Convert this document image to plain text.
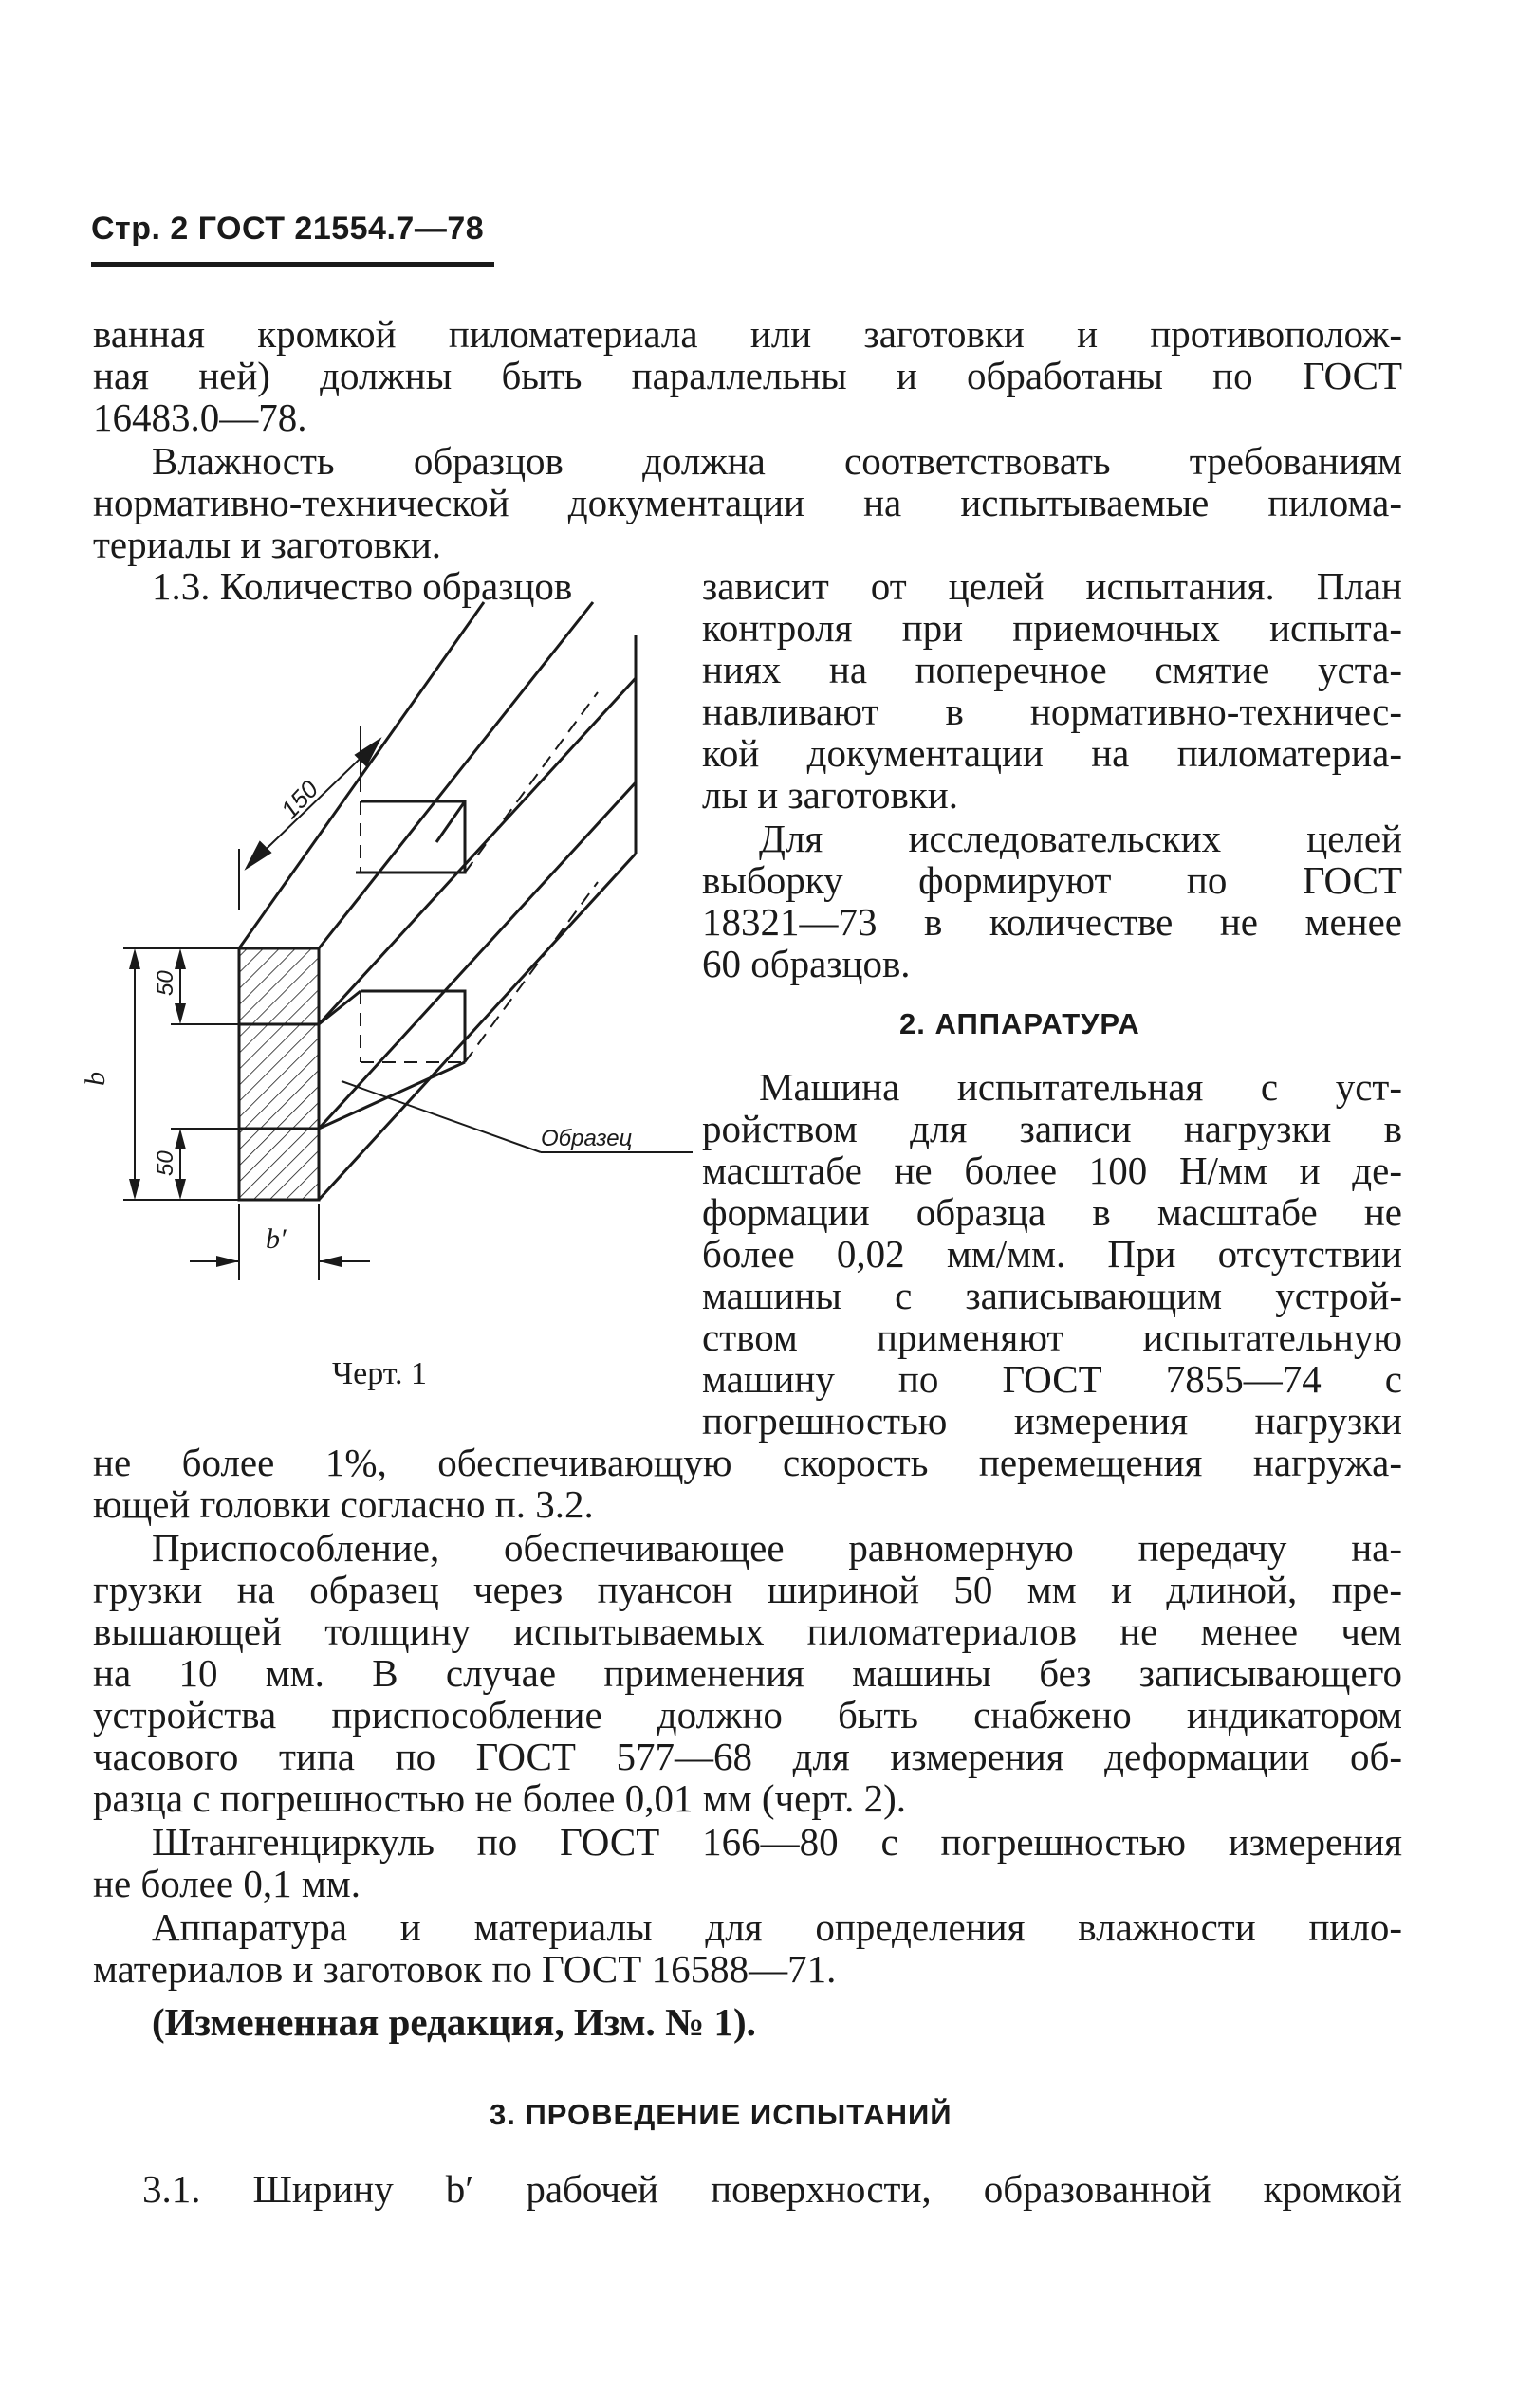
Стр. 2 ГОСТ 21554.7—78
ванная кромкой пиломатериала или заготовки и противополож-
ная ней) должны быть параллельны и обработаны по ГОСТ
16483.0—78.
Влажность образцов должна соответствовать требованиям
нормативно-технической документации на испытываемые пилома-
териалы и заготовки.
1.3. Количество образцов	зависит от целей испытания. План
контроля при приемочных испыта-
ниях на поперечное смятие уста-
навливают в нормативно-техничес-
кой документации на пиломатериа-
лы и заготовки.
Для исследовательских целей
выборку формируют по ГОСТ
18321—73 в количестве не менее
60 образцов.
2. АППАРАТУРА
Машина испытательная с уст-
ройством для записи нагрузки в
масштабе не более 100 Н/мм и де-
формации образца в масштабе не
более 0,02 мм/мм. При отсутствии
машины с записывающим устрой-
ством применяют испытательную
машину по ГОСТ 7855—74 с
погрешностью измерения нагрузки
не более 1%, обеспечивающую скорость перемещения нагружа-
ющей головки согласно п. 3.2.
Приспособление, обеспечивающее равномерную передачу на-
грузки на образец через пуансон шириной 50 мм и длиной, пре-
вышающей толщину испытываемых пиломатериалов не менее чем
на 10 мм. В случае применения машины без записывающего
устройства приспособление должно быть снабжено индикатором
часового типа по ГОСТ 577—68 для измерения деформации об-
разца с погрешностью не более 0,01 мм (черт. 2).
Штангенциркуль по ГОСТ 166—80 с погрешностью измерения
не более 0,1 мм.
Аппаратура и материалы для определения влажности пило-
материалов и заготовок по ГОСТ 16588—71.
(Измененная редакция, Изм. № 1).
3. ПРОВЕДЕНИЕ ИСПЫТАНИЙ
3.1. Ширину b′ рабочей поверхности, образованной кромкой
150
50
50
b
b′
Образец
Черт. 1
